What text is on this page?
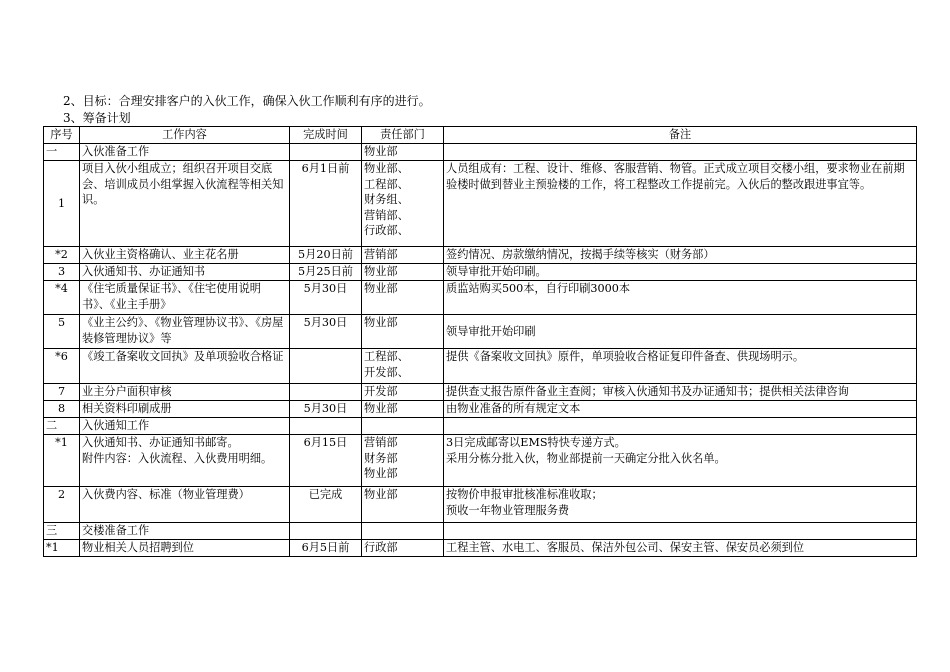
2、目标：合理安排客户的入伙工作，确保入伙工作顺利有序的进行。
3、筹备计划
序号	工作内容	完成时间	责任部门	备注
一	入伙准备工作		物业部	
1	项目入伙小组成立；组织召开项目交底会、培训成员小组掌握入伙流程等相关知识。	6月1日前	物业部、
工程部、
财务组、
营销部、
行政部、	人员组成有：工程、设计、维修、客服营销、物管。正式成立项目交楼小组，要求物业在前期验楼时做到替业主预验楼的工作，将工程整改工作提前完。入伙后的整改跟进事宜等。
*2	入伙业主资格确认、业主花名册	5月20日前	营销部	签约情况、房款缴纳情况，按揭手续等核实（财务部）
3	入伙通知书、办证通知书	5月25日前	物业部	领导审批开始印刷。
*4	《住宅质量保证书》、《住宅使用说明书》、《业主手册》	5月30日	物业部	质监站购买500本，自行印刷3000本
5	《业主公约》、《物业管理协议书》、《房屋装修管理协议》等	5月30日	物业部	领导审批开始印刷
*6	《竣工备案收文回执》及单项验收合格证		工程部、
开发部、	提供《备案收文回执》原件，单项验收合格证复印件备查、供现场明示。
7	业主分户面积审核		开发部	提供查丈报告原件备业主查阅；审核入伙通知书及办证通知书；提供相关法律咨询
8	相关资料印刷成册	5月30日	物业部	由物业准备的所有规定文本
二	入伙通知工作			
*1	入伙通知书、办证通知书邮寄。
附件内容：入伙流程、入伙费用明细。	6月15日	营销部
财务部
物业部	3日完成邮寄以EMS特快专递方式。
采用分栋分批入伙，物业部提前一天确定分批入伙名单。
2	入伙费内容、标准（物业管理费）	已完成	物业部	按物价申报审批核准标准收取；
预收一年物业管理服务费
三	交楼准备工作			
*1	物业相关人员招聘到位	6月5日前	行政部	工程主管、水电工、客服员、保洁外包公司、保安主管、保安员必须到位
